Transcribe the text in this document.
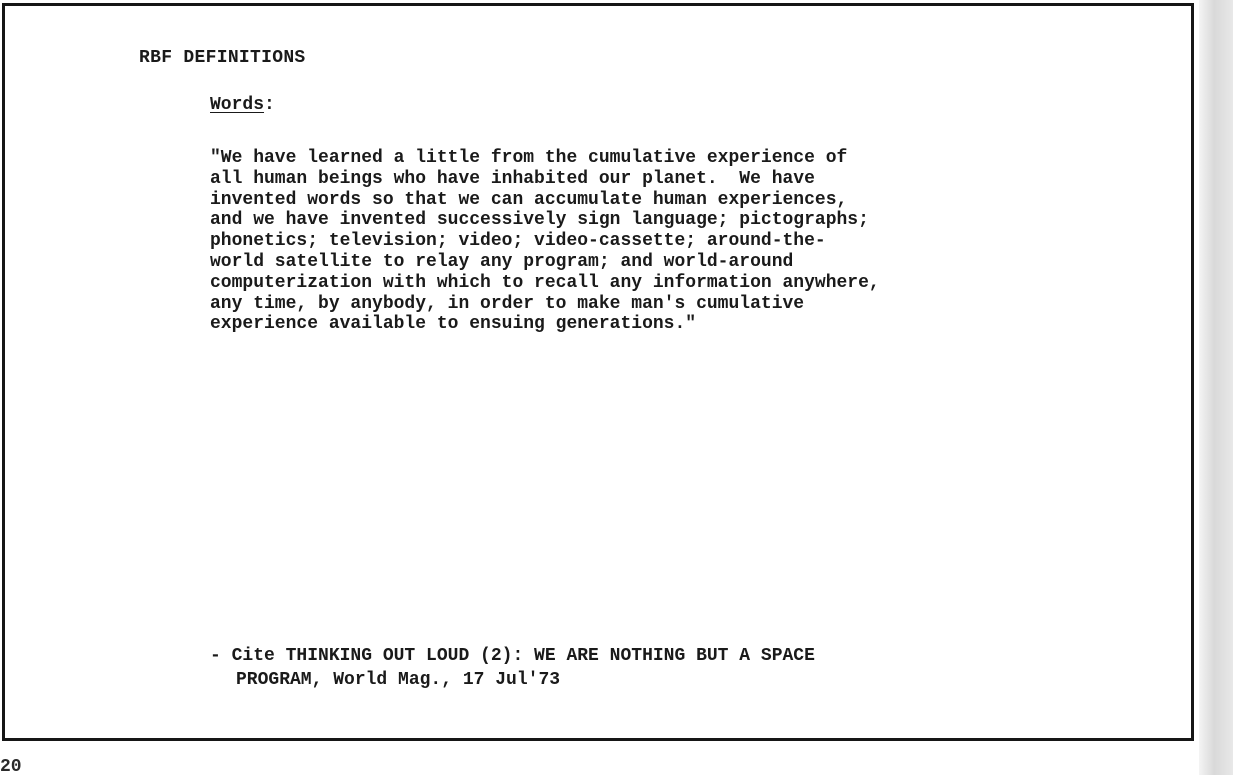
RBF DEFINITIONS
Words:
"We have learned a little from the cumulative experience of
all human beings who have inhabited our planet.  We have
invented words so that we can accumulate human experiences,
and we have invented successively sign language; pictographs;
phonetics; television; video; video-cassette; around-the-
world satellite to relay any program; and world-around
computerization with which to recall any information anywhere,
any time, by anybody, in order to make man's cumulative
experience available to ensuing generations."
- Cite THINKING OUT LOUD (2): WE ARE NOTHING BUT A SPACE
PROGRAM, World Mag., 17 Jul'73
20
